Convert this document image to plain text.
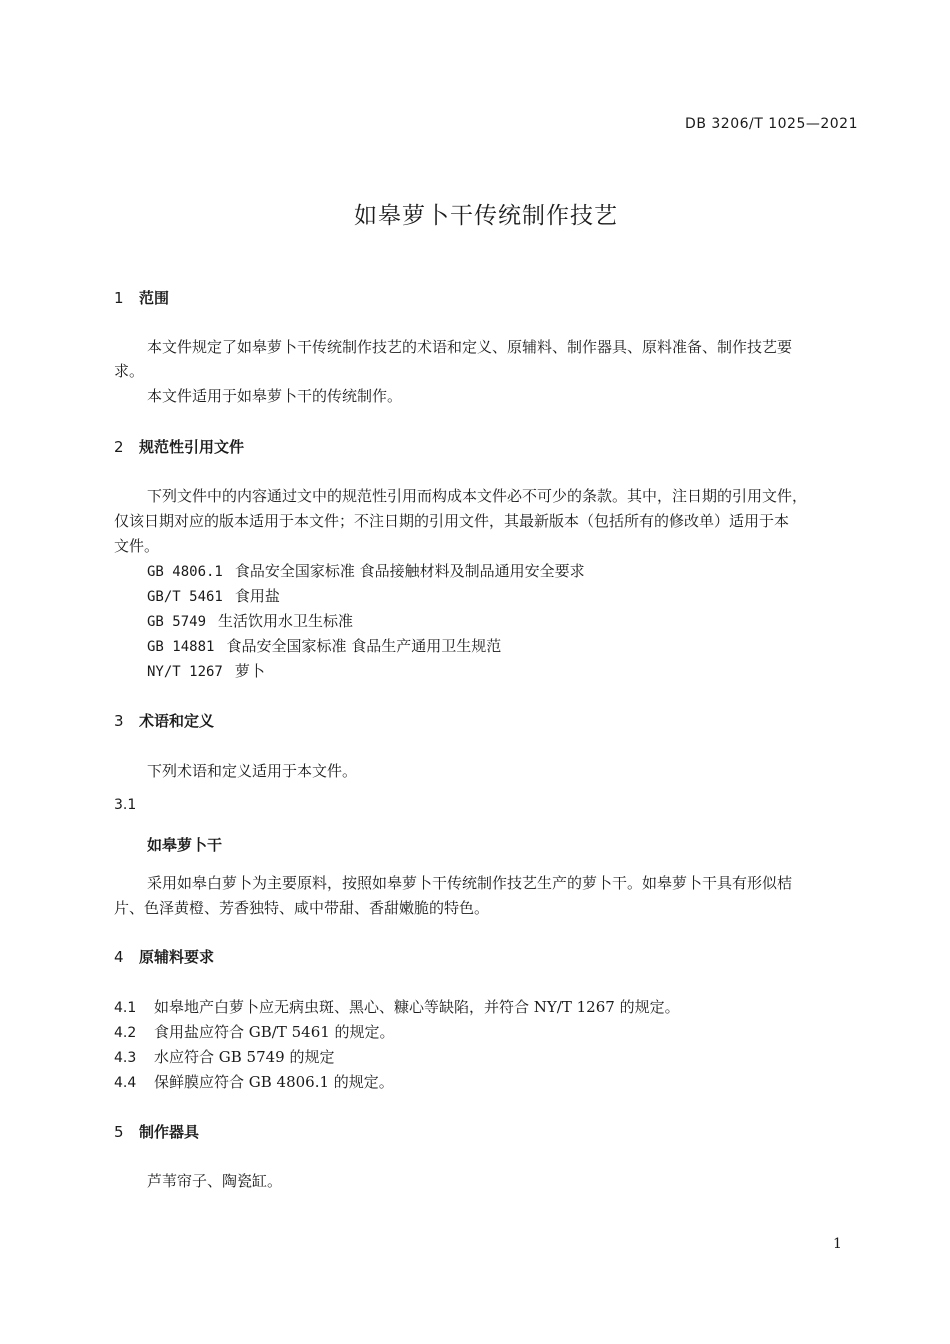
DB 3206/T 1025—2021
如皋萝卜干传统制作技艺
1 范围
本文件规定了如皋萝卜干传统制作技艺的术语和定义、原辅料、制作器具、原料准备、制作技艺要
求。
本文件适用于如皋萝卜干的传统制作。
2 规范性引用文件
下列文件中的内容通过文中的规范性引用而构成本文件必不可少的条款。其中，注日期的引用文件，
仅该日期对应的版本适用于本文件；不注日期的引用文件，其最新版本（包括所有的修改单）适用于本
文件。
GB 4806.1 食品安全国家标准 食品接触材料及制品通用安全要求
GB/T 5461 食用盐
GB 5749 生活饮用水卫生标准
GB 14881 食品安全国家标准 食品生产通用卫生规范
NY/T 1267 萝卜
3 术语和定义
下列术语和定义适用于本文件。
3.1
如皋萝卜干
采用如皋白萝卜为主要原料，按照如皋萝卜干传统制作技艺生产的萝卜干。如皋萝卜干具有形似桔
片、色泽黄橙、芳香独特、咸中带甜、香甜嫩脆的特色。
4 原辅料要求
4.1 如皋地产白萝卜应无病虫斑、黑心、糠心等缺陷，并符合 NY/T 1267 的规定。
4.2 食用盐应符合 GB/T 5461 的规定。
4.3 水应符合 GB 5749 的规定
4.4 保鲜膜应符合 GB 4806.1 的规定。
5 制作器具
芦苇帘子、陶瓷缸。
1
